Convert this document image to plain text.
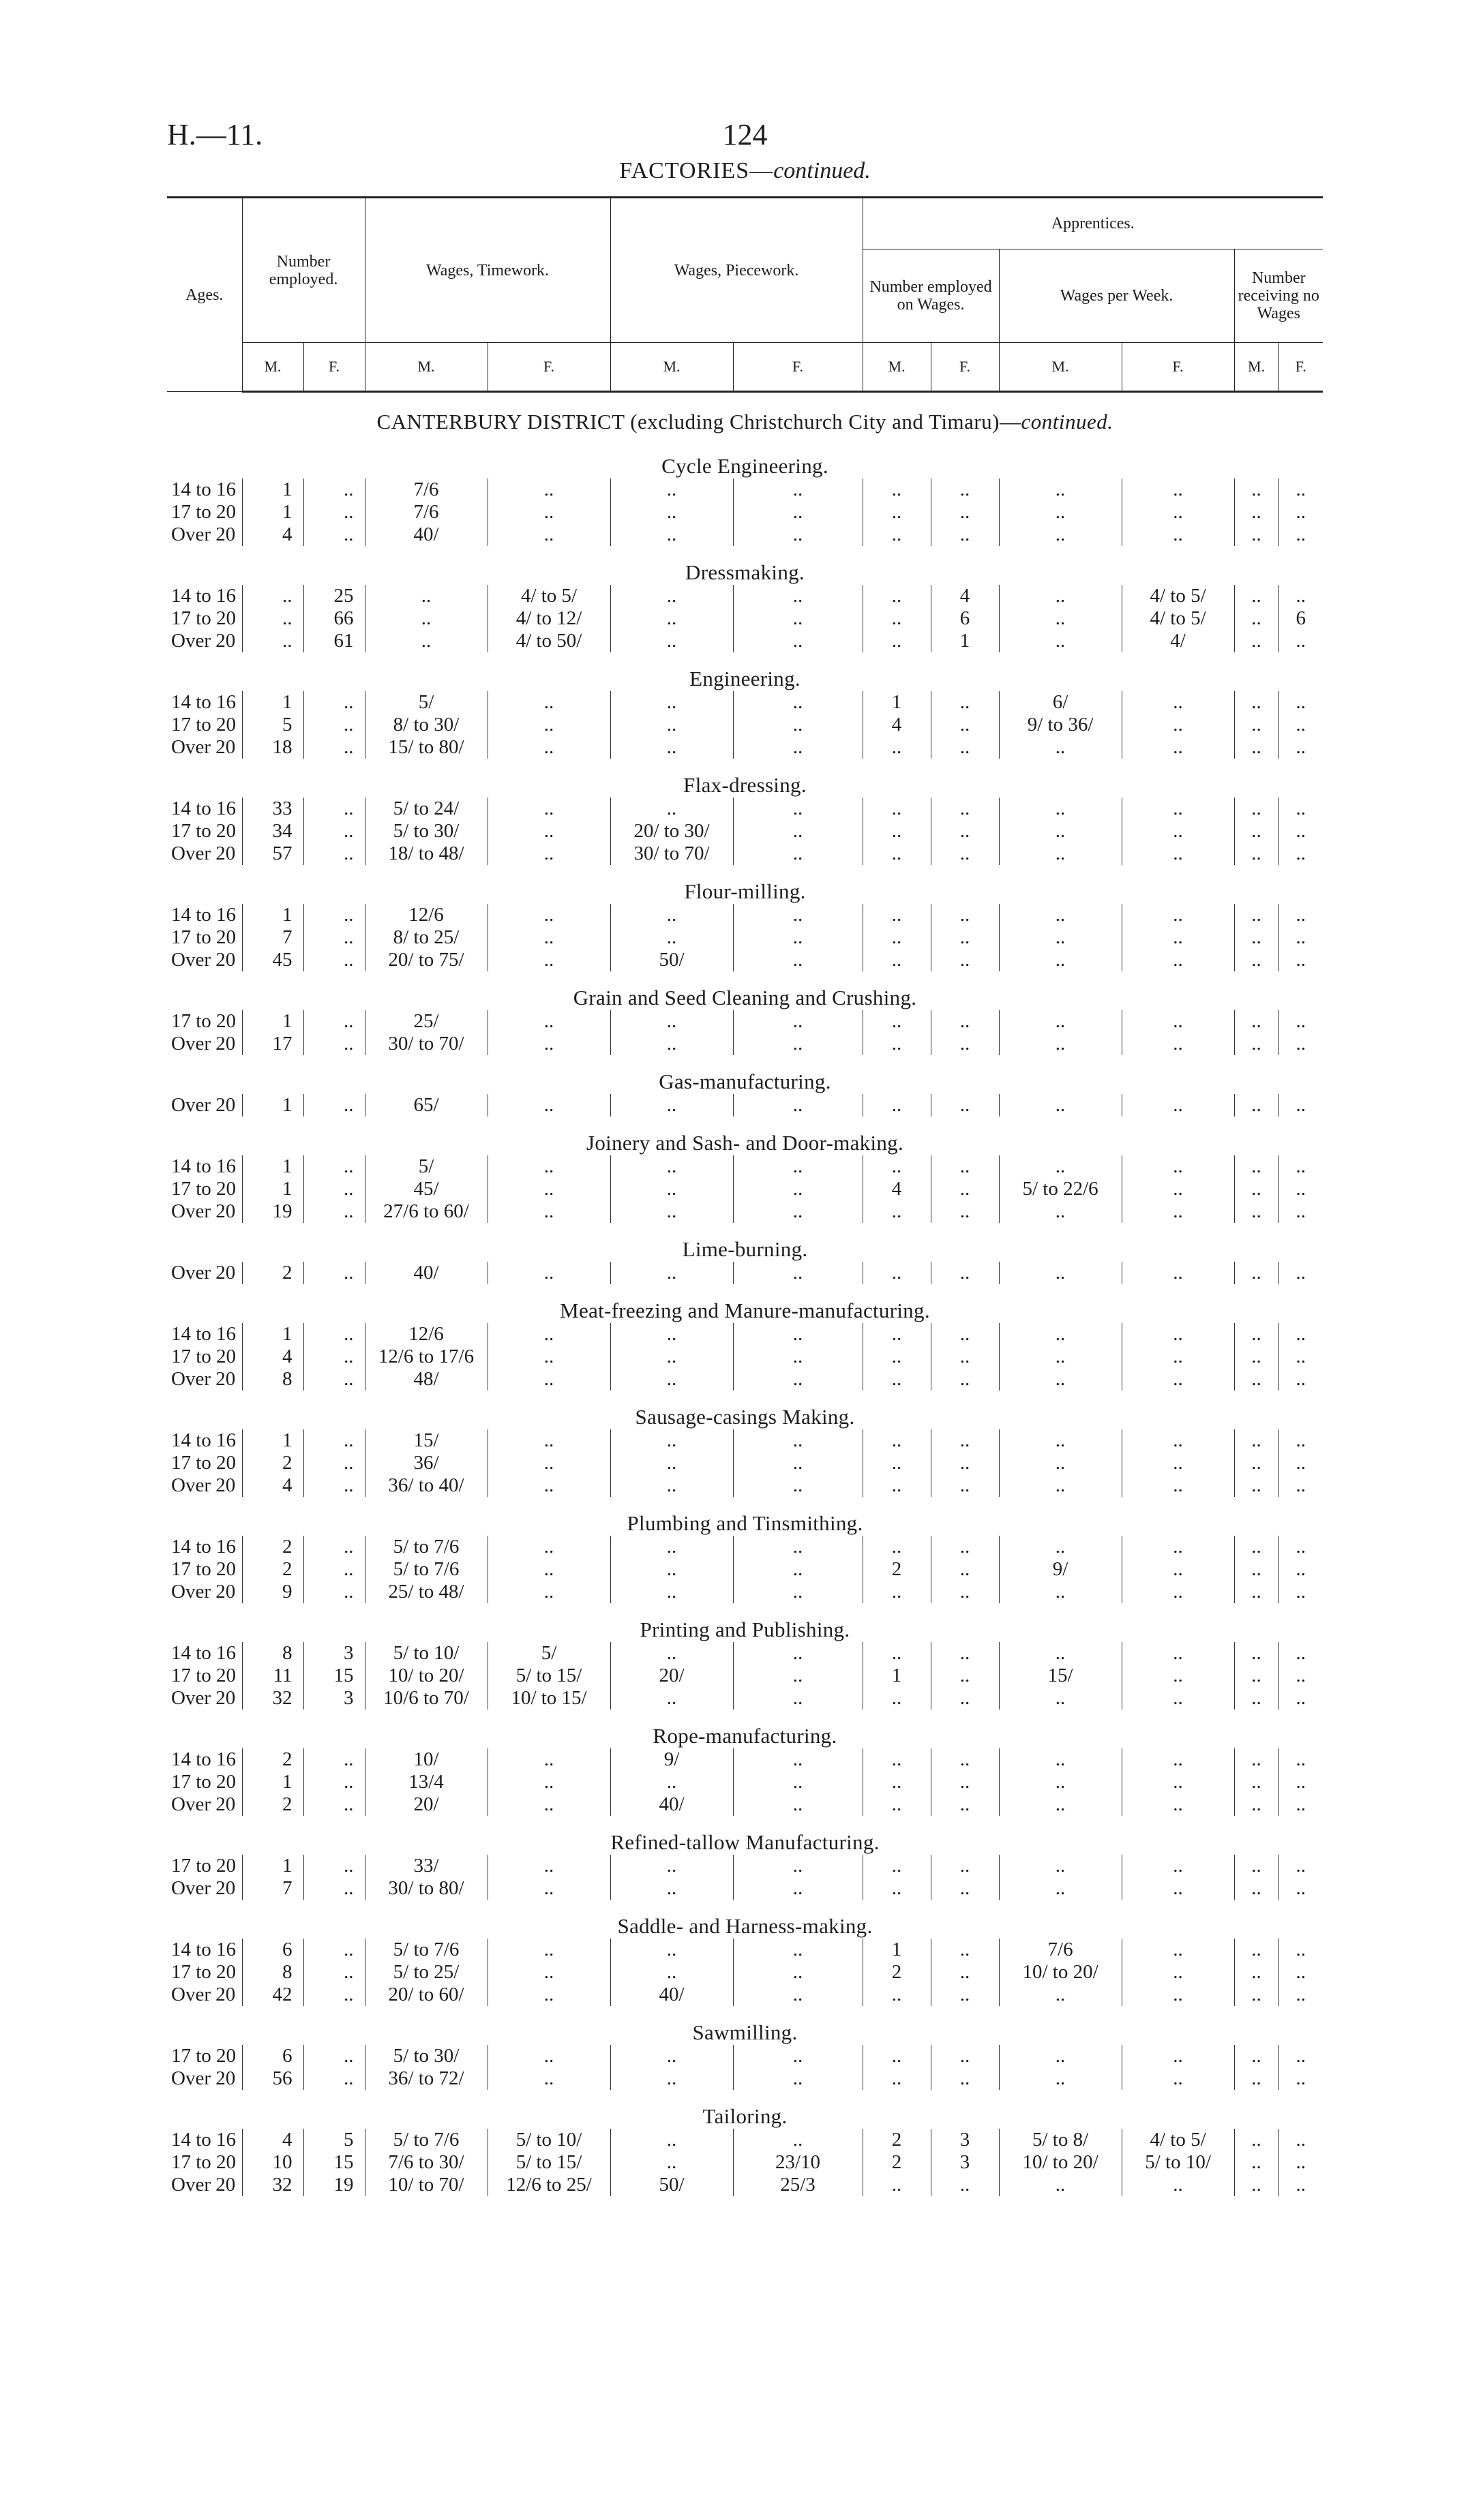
H.—11.	124
FACTORIES—continued.
Ages.	Number employed.		Wages, Timework.		Wages, Piecework.		Apprentices.					
							Number employed on Wages.		Wages per Week.		Number receiving no Wages	
	M.	F.	M.	F.	M.	F.	M.	F.	M.	F.	M.	F.
CANTERBURY DISTRICT (excluding Christchurch City and Timaru)—continued.												
Cycle Engineering.												
14 to 16	1	..	7/6	..	..	..	..	..	..	..	..	..
17 to 20	1	..	7/6	..	..	..	..	..	..	..	..	..
Over 20	4	..	40/	..	..	..	..	..	..	..	..	..
Dressmaking.												
14 to 16	..	25	..	4/ to 5/	..	..	..	4	..	4/ to 5/	..	..
17 to 20	..	66	..	4/ to 12/	..	..	..	6	..	4/ to 5/	..	6
Over 20	..	61	..	4/ to 50/	..	..	..	1	..	4/	..	..
Engineering.												
14 to 16	1	..	5/	..	..	..	1	..	6/	..	..	..
17 to 20	5	..	8/ to 30/	..	..	..	4	..	9/ to 36/	..	..	..
Over 20	18	..	15/ to 80/	..	..	..	..	..	..	..	..	..
Flax-dressing.												
14 to 16	33	..	5/ to 24/	..	..	..	..	..	..	..	..	..
17 to 20	34	..	5/ to 30/	..	20/ to 30/	..	..	..	..	..	..	..
Over 20	57	..	18/ to 48/	..	30/ to 70/	..	..	..	..	..	..	..
Flour-milling.												
14 to 16	1	..	12/6	..	..	..	..	..	..	..	..	..
17 to 20	7	..	8/ to 25/	..	..	..	..	..	..	..	..	..
Over 20	45	..	20/ to 75/	..	50/	..	..	..	..	..	..	..
Grain and Seed Cleaning and Crushing.												
17 to 20	1	..	25/	..	..	..	..	..	..	..	..	..
Over 20	17	..	30/ to 70/	..	..	..	..	..	..	..	..	..
Gas-manufacturing.												
Over 20	1	..	65/	..	..	..	..	..	..	..	..	..
Joinery and Sash- and Door-making.												
14 to 16	1	..	5/	..	..	..	..	..	..	..	..	..
17 to 20	1	..	45/	..	..	..	4	..	5/ to 22/6	..	..	..
Over 20	19	..	27/6 to 60/	..	..	..	..	..	..	..	..	..
Lime-burning.												
Over 20	2	..	40/	..	..	..	..	..	..	..	..	..
Meat-freezing and Manure-manufacturing.												
14 to 16	1	..	12/6	..	..	..	..	..	..	..	..	..
17 to 20	4	..	12/6 to 17/6	..	..	..	..	..	..	..	..	..
Over 20	8	..	48/	..	..	..	..	..	..	..	..	..
Sausage-casings Making.												
14 to 16	1	..	15/	..	..	..	..	..	..	..	..	..
17 to 20	2	..	36/	..	..	..	..	..	..	..	..	..
Over 20	4	..	36/ to 40/	..	..	..	..	..	..	..	..	..
Plumbing and Tinsmithing.												
14 to 16	2	..	5/ to 7/6	..	..	..	..	..	..	..	..	..
17 to 20	2	..	5/ to 7/6	..	..	..	2	..	9/	..	..	..
Over 20	9	..	25/ to 48/	..	..	..	..	..	..	..	..	..
Printing and Publishing.												
14 to 16	8	3	5/ to 10/	5/	..	..	..	..	..	..	..	..
17 to 20	11	15	10/ to 20/	5/ to 15/	20/	..	1	..	15/	..	..	..
Over 20	32	3	10/6 to 70/	10/ to 15/	..	..	..	..	..	..	..	..
Rope-manufacturing.												
14 to 16	2	..	10/	..	9/	..	..	..	..	..	..	..
17 to 20	1	..	13/4	..	..	..	..	..	..	..	..	..
Over 20	2	..	20/	..	40/	..	..	..	..	..	..	..
Refined-tallow Manufacturing.												
17 to 20	1	..	33/	..	..	..	..	..	..	..	..	..
Over 20	7	..	30/ to 80/	..	..	..	..	..	..	..	..	..
Saddle- and Harness-making.												
14 to 16	6	..	5/ to 7/6	..	..	..	1	..	7/6	..	..	..
17 to 20	8	..	5/ to 25/	..	..	..	2	..	10/ to 20/	..	..	..
Over 20	42	..	20/ to 60/	..	40/	..	..	..	..	..	..	..
Sawmilling.												
17 to 20	6	..	5/ to 30/	..	..	..	..	..	..	..	..	..
Over 20	56	..	36/ to 72/	..	..	..	..	..	..	..	..	..
Tailoring.												
14 to 16	4	5	5/ to 7/6	5/ to 10/	..	..	2	3	5/ to 8/	4/ to 5/	..	..
17 to 20	10	15	7/6 to 30/	5/ to 15/	..	23/10	2	3	10/ to 20/	5/ to 10/	..	..
Over 20	32	19	10/ to 70/	12/6 to 25/	50/	25/3	..	..	..	..	..	..
